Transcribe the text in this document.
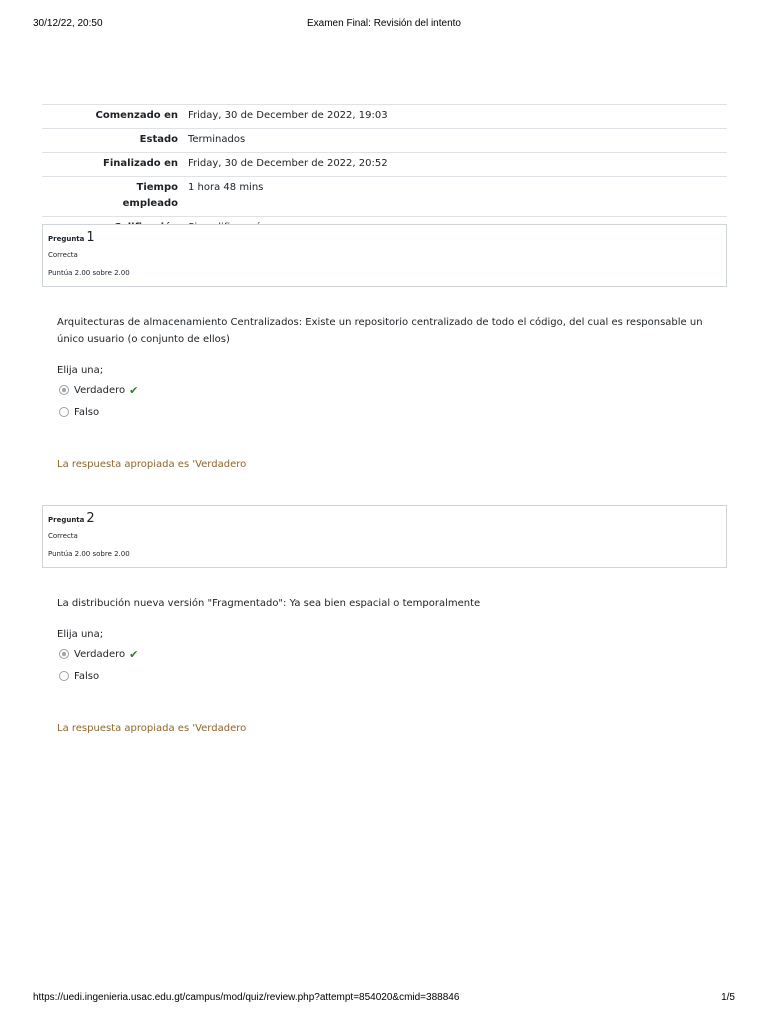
30/12/22, 20:50	Examen Final: Revisión del intento
Comenzado en	Friday, 30 de December de 2022, 19:03
Estado	Terminados
Finalizado en	Friday, 30 de December de 2022, 20:52
Tiempo empleado	1 hora 48 mins

Pregunta 1
Correcta
Puntúa 2.00 sobre 2.00
Arquitecturas de almacenamiento Centralizados: Existe un repositorio centralizado de todo el código, del cual es responsable un único usuario (o conjunto de ellos)
Elija una;
Verdadero ✔
Falso
La respuesta apropiada es 'Verdadero
Pregunta 2
Correcta
Puntúa 2.00 sobre 2.00
La distribución nueva versión "Fragmentado": Ya sea bien espacial o temporalmente
Elija una;
Verdadero ✔
Falso
La respuesta apropiada es 'Verdadero
https://uedi.ingenieria.usac.edu.gt/campus/mod/quiz/review.php?attempt=854020&cmid=388846	1/5
